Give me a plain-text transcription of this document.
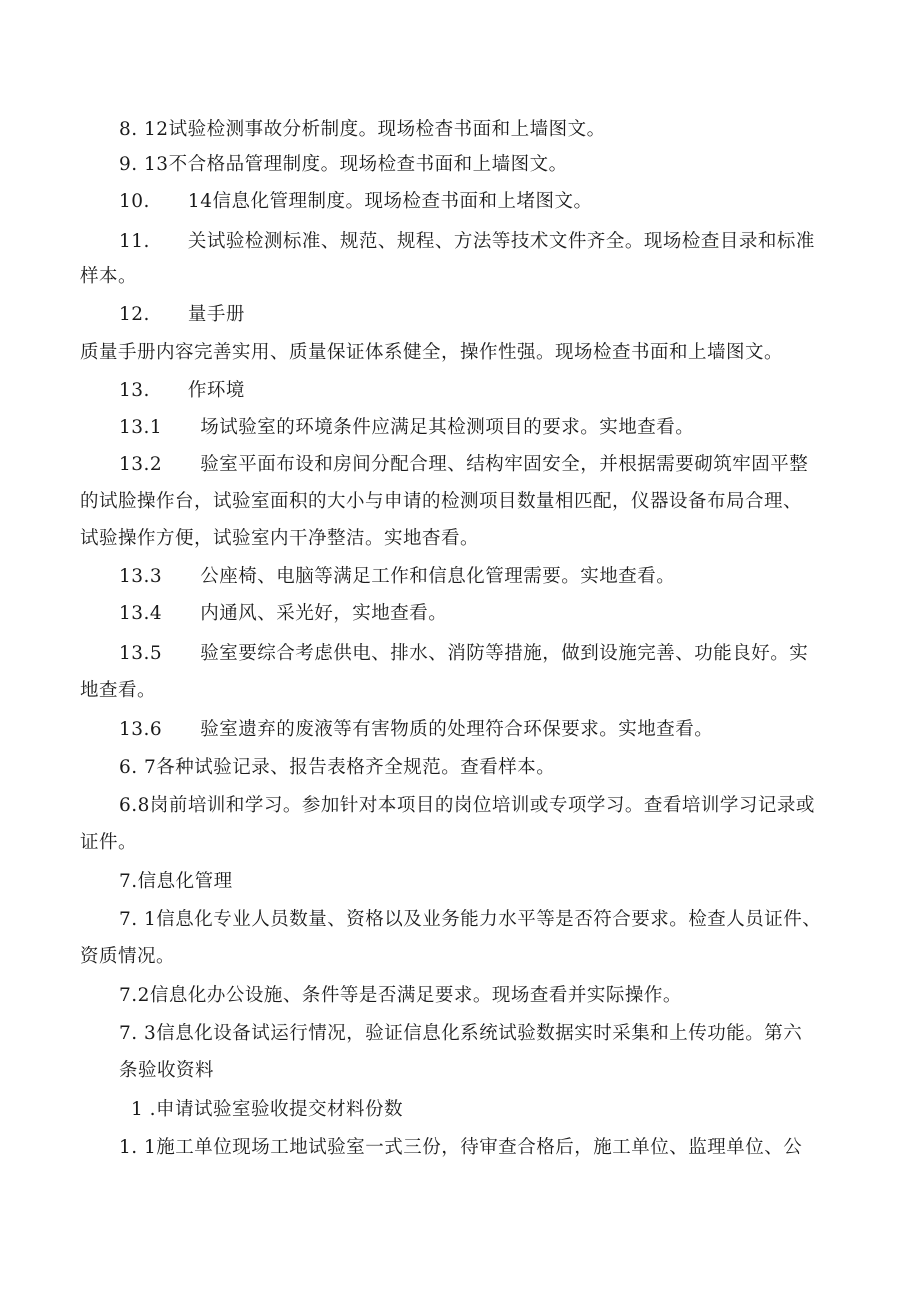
8. 12试验检测事故分析制度。现场检杳书面和上墙图文。
9. 13不合格品管理制度。现场检查书面和上墙图文。
10.　　14信息化管理制度。现场检查书面和上堵图文。
11.　　关试验检测标准、规范、规程、方法等技术文件齐全。现场检查目录和标准
样本。
12.　　量手册
质量手册内容完善实用、质量保证体系健全，操作性强。现场检查书面和上墙图文。
13.　　作环境
13.1　　场试验室的环境条件应满足其检测项目的要求。实地查看。
13.2　　验室平面布设和房间分配合理、结构牢固安全，并根据需要砌筑牢固平整
的试脸操作台，试验室面积的大小与申请的检测项目数量相匹配，仪器设备布局合理、
试验操作方便，试验室内干净整洁。实地杳看。
13.3　　公座椅、电脑等满足工作和信息化管理需要。实地查看。
13.4　　内通风、采光好，实地查看。
13.5　　验室要综合考虑供电、排水、消防等措施，做到设施完善、功能良好。实
地查看。
13.6　　验室遗弃的废液等有害物质的处理符合环保要求。实地查看。
6. 7各种试验记录、报告表格齐全规范。查看样本。
6.8岗前培训和学习。参加针对本项目的岗位培训或专项学习。查看培训学习记录或
证件。
7.信息化管理
7. 1信息化专业人员数量、资格以及业务能力水平等是否符合要求。检查人员证件、
资质情况。
7.2信息化办公设施、条件等是否满足要求。现场查看并实际操作。
7. 3信息化设备试运行情况，验证信息化系统试验数据实时采集和上传功能。第六
条验收资料
1 .申请试验室验收提交材料份数
1. 1施工单位现场工地试验室一式三份，待审查合格后，施工单位、监理单位、公
